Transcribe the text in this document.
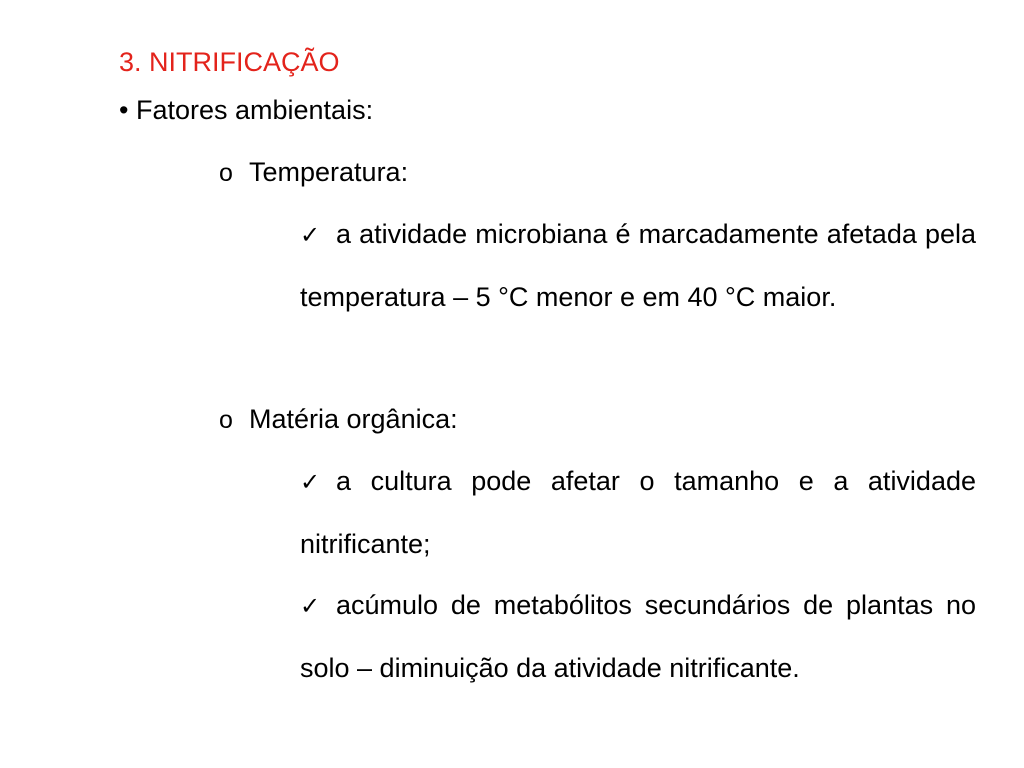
3. NITRIFICAÇÃO
• Fatores ambientais:
o Temperatura:
✓ a atividade microbiana é marcadamente afetada pela temperatura – 5 °C menor e em 40 °C maior.
o Matéria orgânica:
✓ a cultura pode afetar o tamanho e a atividade nitrificante;
✓ acúmulo de metabólitos secundários de plantas no solo – diminuição da atividade nitrificante.
